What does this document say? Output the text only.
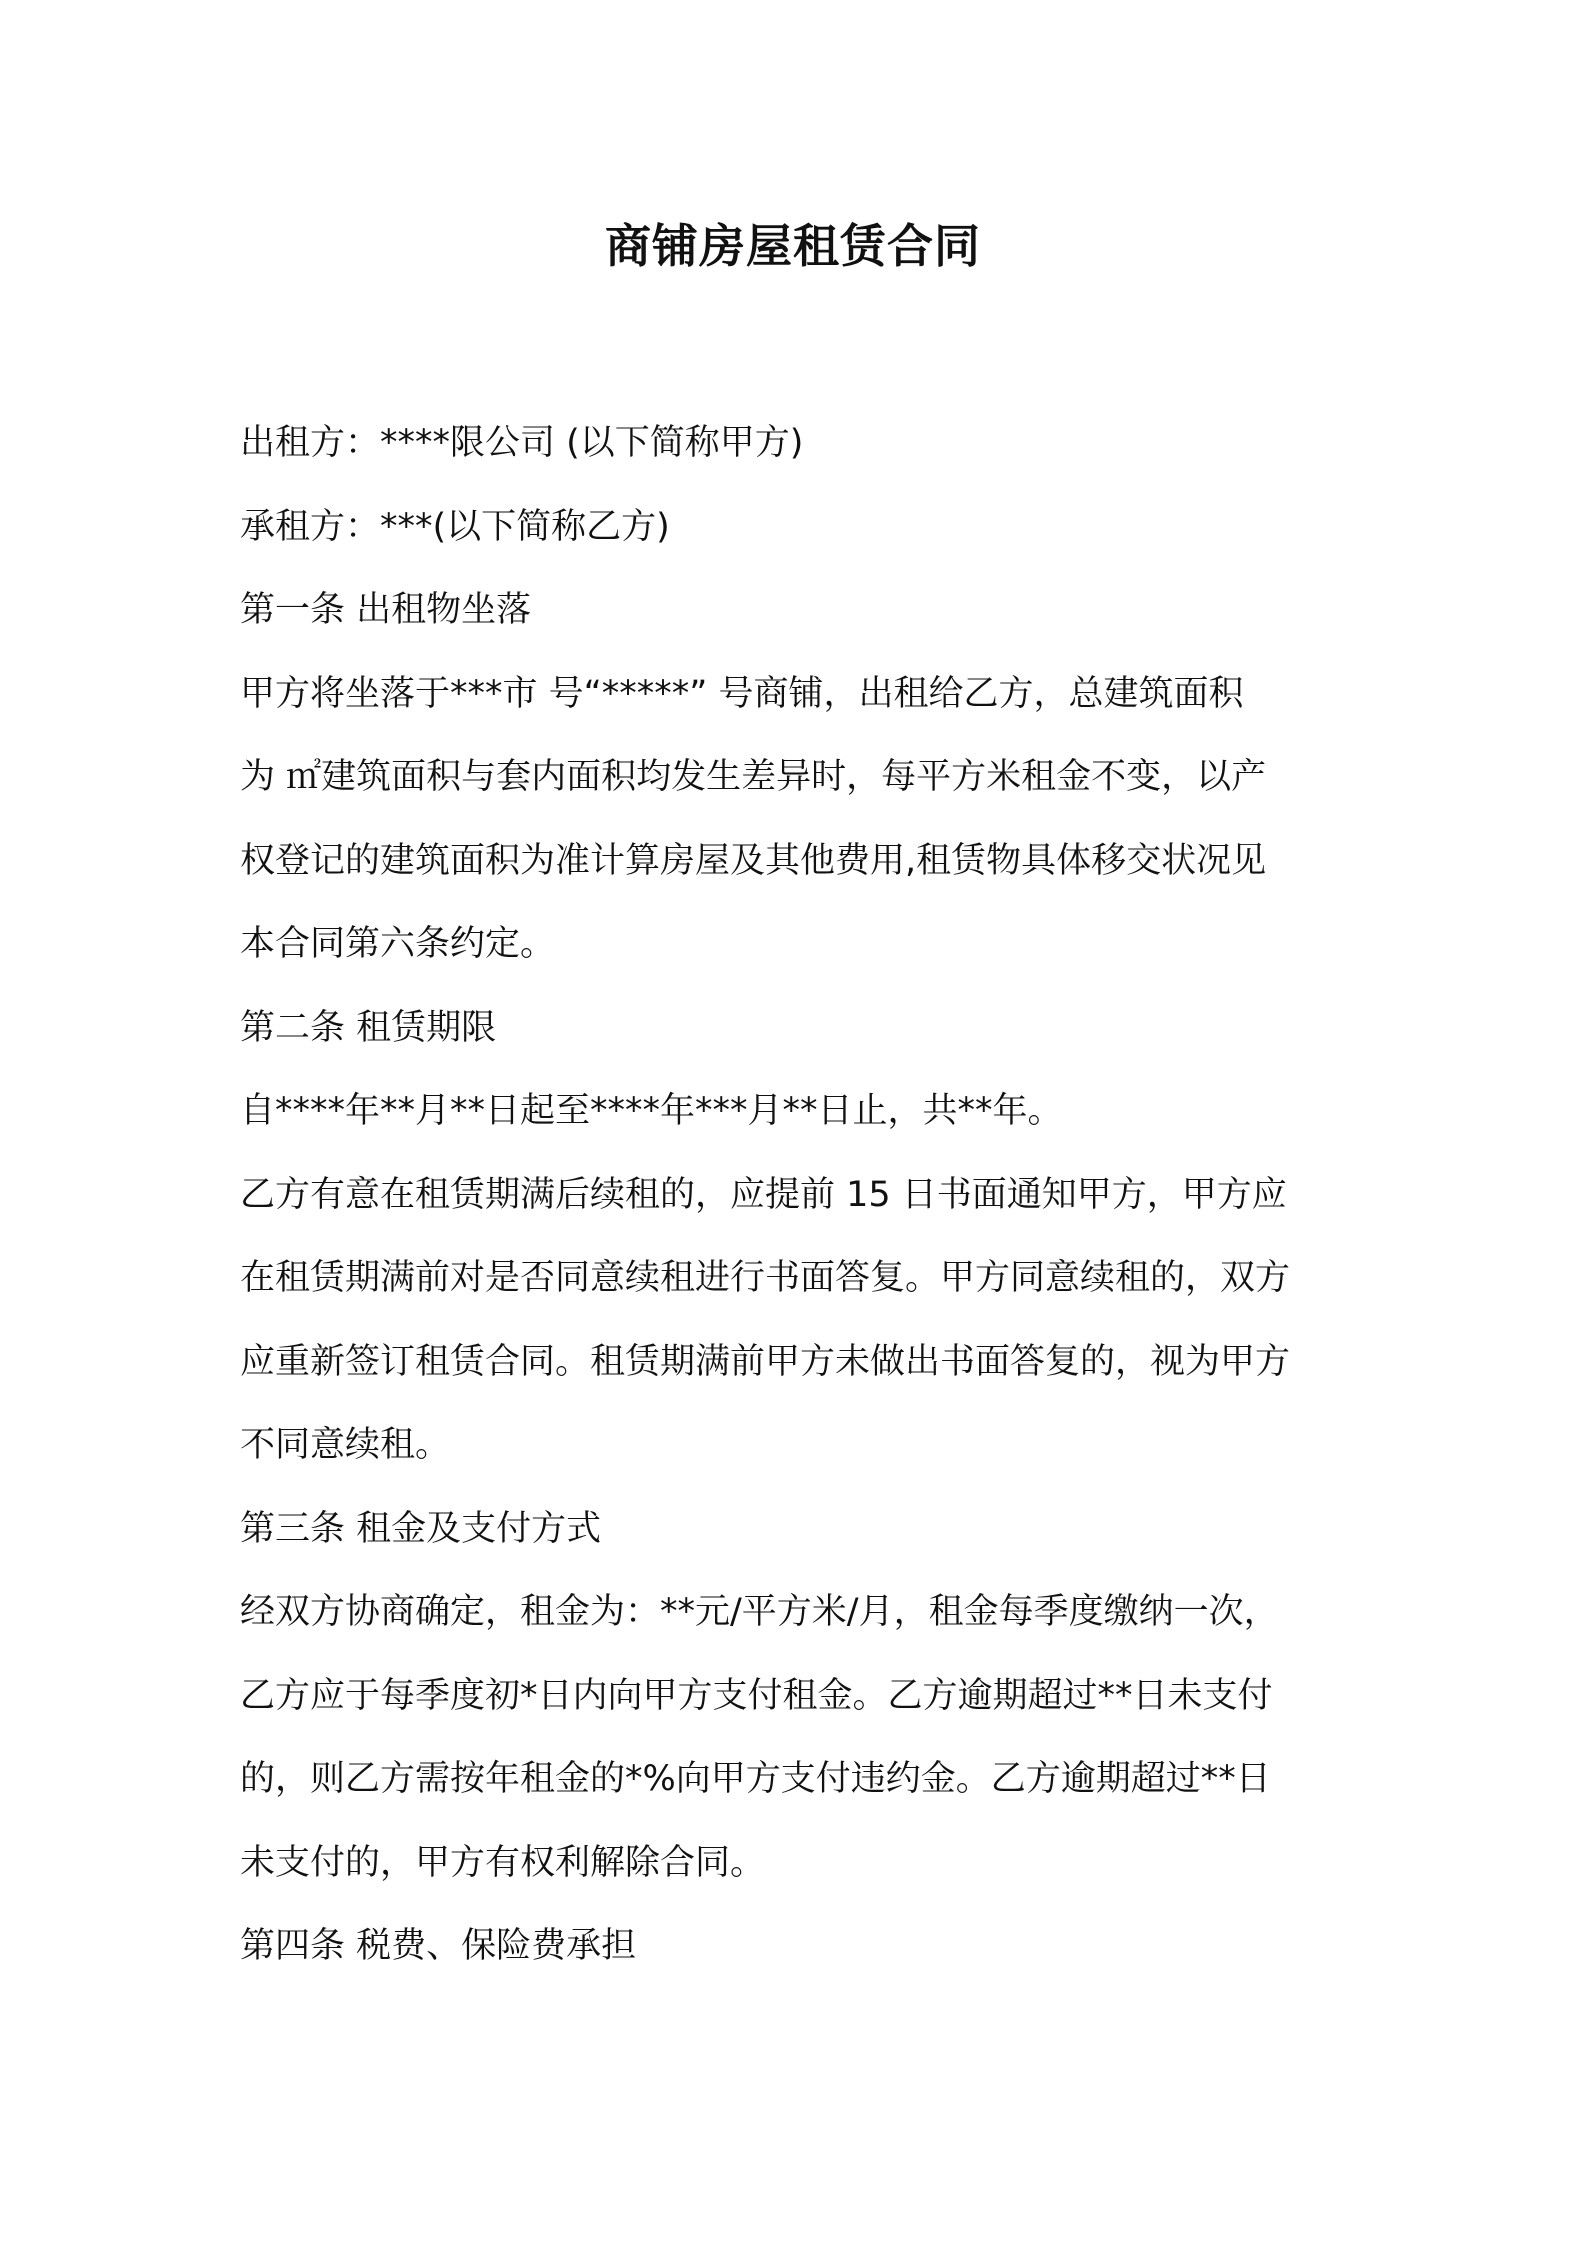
商铺房屋租赁合同
出租方：****限公司 (以下简称甲方)
承租方：***(以下简称乙方)
第一条 出租物坐落
甲方将坐落于***市 号“*****” 号商铺，出租给乙方，总建筑面积
为 ㎡建筑面积与套内面积均发生差异时，每平方米租金不变，以产
权登记的建筑面积为准计算房屋及其他费用,租赁物具体移交状况见
本合同第六条约定。
第二条 租赁期限
自****年**月**日起至****年***月**日止，共**年。
乙方有意在租赁期满后续租的，应提前 15 日书面通知甲方，甲方应
在租赁期满前对是否同意续租进行书面答复。甲方同意续租的，双方
应重新签订租赁合同。租赁期满前甲方未做出书面答复的，视为甲方
不同意续租。
第三条 租金及支付方式
经双方协商确定，租金为：**元/平方米/月，租金每季度缴纳一次，
乙方应于每季度初*日内向甲方支付租金。乙方逾期超过**日未支付
的，则乙方需按年租金的*%向甲方支付违约金。乙方逾期超过**日
未支付的，甲方有权利解除合同。
第四条 税费、保险费承担
